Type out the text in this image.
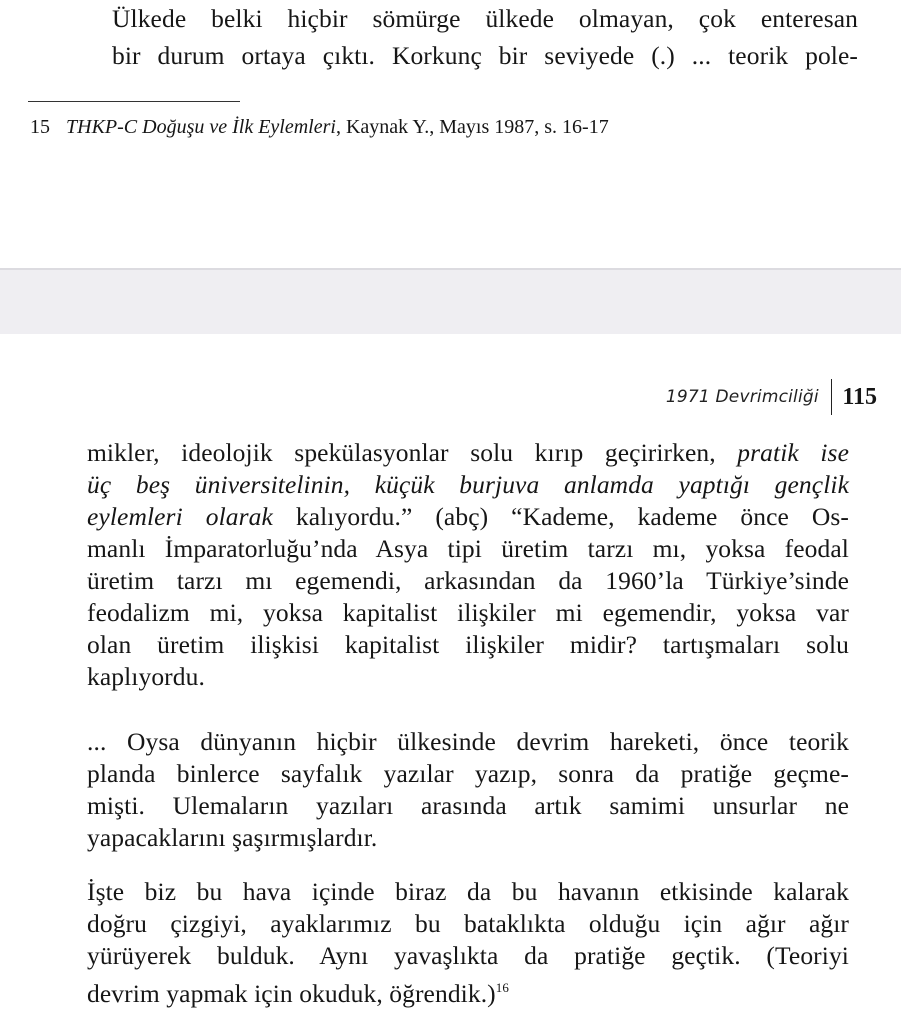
Ülkede belki hiçbir sömürge ülkede olmayan, çok enteresan
bir durum ortaya çıktı. Korkunç bir seviyede (.) ... teorik pole-
15 THKP-C Doğuşu ve İlk Eylemleri, Kaynak Y., Mayıs 1987, s. 16-17
1971 Devrimciliği 115
mikler, ideolojik spekülasyonlar solu kırıp geçirirken, pratik ise
üç beş üniversitelinin, küçük burjuva anlamda yaptığı gençlik
eylemleri olarak kalıyordu.” (abç) “Kademe, kademe önce Os-
manlı İmparatorluğu’nda Asya tipi üretim tarzı mı, yoksa feodal
üretim tarzı mı egemendi, arkasından da 1960’la Türkiye’sinde
feodalizm mi, yoksa kapitalist ilişkiler mi egemendir, yoksa var
olan üretim ilişkisi kapitalist ilişkiler midir? tartışmaları solu
kaplıyordu.
... Oysa dünyanın hiçbir ülkesinde devrim hareketi, önce teorik
planda binlerce sayfalık yazılar yazıp, sonra da pratiğe geçme-
mişti. Ulemaların yazıları arasında artık samimi unsurlar ne
yapacaklarını şaşırmışlardır.
İşte biz bu hava içinde biraz da bu havanın etkisinde kalarak
doğru çizgiyi, ayaklarımız bu bataklıkta olduğu için ağır ağır
yürüyerek bulduk. Aynı yavaşlıkta da pratiğe geçtik. (Teoriyi
devrim yapmak için okuduk, öğrendik.)$^{16}$
